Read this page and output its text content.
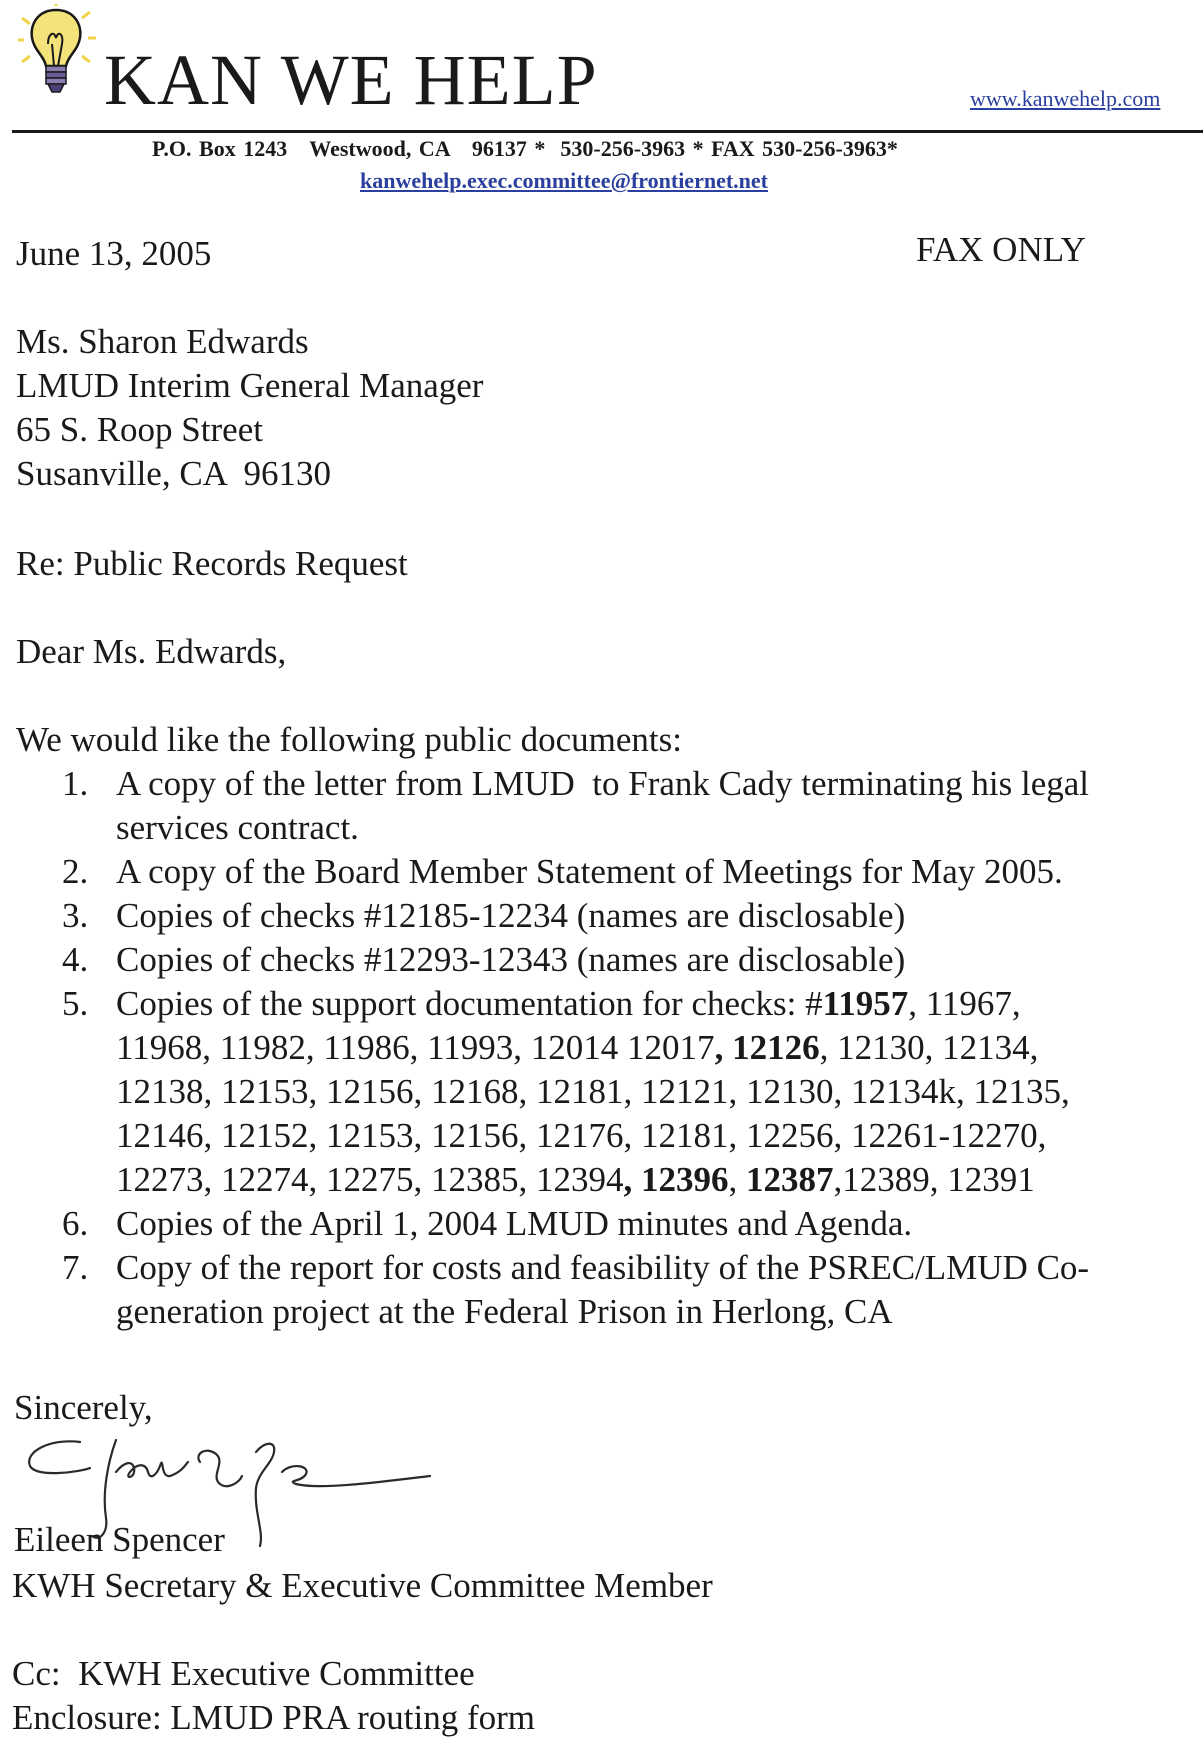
KAN WE HELP	www.kanwehelp.com
P.O. Box 1243   Westwood, CA   96137 *  530-256-3963 * FAX 530-256-3963*
kanwehelp.exec.committee@frontiernet.net
June 13, 2005	FAX ONLY
Ms. Sharon Edwards
LMUD Interim General Manager
65 S. Roop Street
Susanville, CA  96130
Re: Public Records Request
Dear Ms. Edwards,
We would like the following public documents:
1. A copy of the letter from LMUD  to Frank Cady terminating his legal
services contract.
2. A copy of the Board Member Statement of Meetings for May 2005.
3. Copies of checks #12185-12234 (names are disclosable)
4. Copies of checks #12293-12343 (names are disclosable)
5. Copies of the support documentation for checks: #11957, 11967,
11968, 11982, 11986, 11993, 12014 12017, 12126, 12130, 12134,
12138, 12153, 12156, 12168, 12181, 12121, 12130, 12134k, 12135,
12146, 12152, 12153, 12156, 12176, 12181, 12256, 12261-12270,
12273, 12274, 12275, 12385, 12394, 12396, 12387,12389, 12391
6. Copies of the April 1, 2004 LMUD minutes and Agenda.
7. Copy of the report for costs and feasibility of the PSREC/LMUD Co-
generation project at the Federal Prison in Herlong, CA
Sincerely,
Eileen Spencer
KWH Secretary & Executive Committee Member
Cc:  KWH Executive Committee
Enclosure: LMUD PRA routing form
